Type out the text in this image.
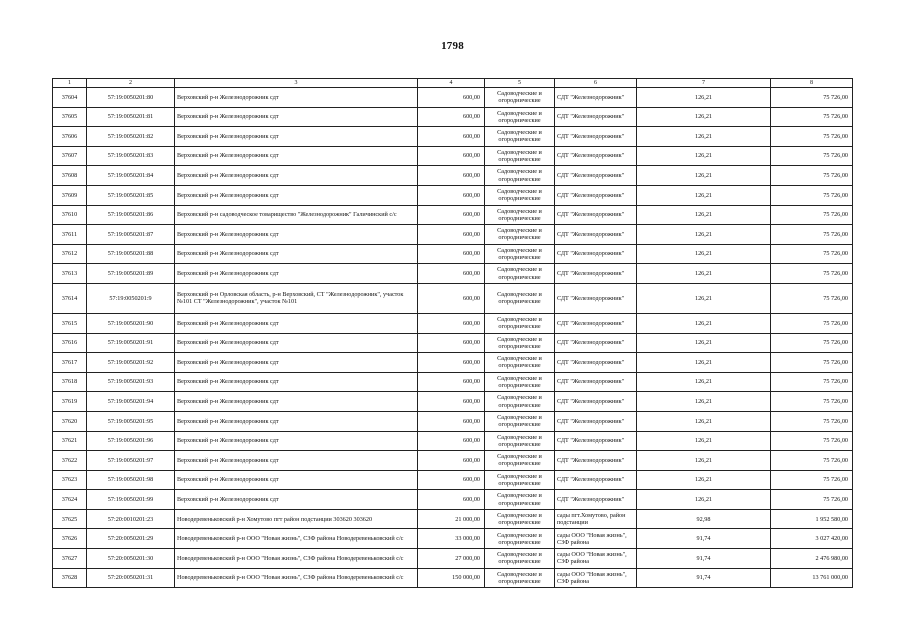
1798
1	2	3	4	5	6	7	8
37604	57:19:0050201:80	Верховский р-н Железнодорожник сдт	600,00	Садоводческие и огороднические	СДТ "Железнодорожник"	126,21	75 726,00
37605	57:19:0050201:81	Верховский р-н Железнодорожник сдт	600,00	Садоводческие и огороднические	СДТ "Железнодорожник"	126,21	75 726,00
37606	57:19:0050201:82	Верховский р-н Железнодорожник сдт	600,00	Садоводческие и огороднические	СДТ "Железнодорожник"	126,21	75 726,00
37607	57:19:0050201:83	Верховский р-н Железнодорожник сдт	600,00	Садоводческие и огороднические	СДТ "Железнодорожник"	126,21	75 726,00
37608	57:19:0050201:84	Верховский р-н Железнодорожник сдт	600,00	Садоводческие и огороднические	СДТ "Железнодорожник"	126,21	75 726,00
37609	57:19:0050201:85	Верховский р-н Железнодорожник сдт	600,00	Садоводческие и огороднические	СДТ "Железнодорожник"	126,21	75 726,00
37610	57:19:0050201:86	Верховский р-н садоводческое товарищество "Железнодорожник" Галичинский с/с	600,00	Садоводческие и огороднические	СДТ "Железнодорожник"	126,21	75 726,00
37611	57:19:0050201:87	Верховский р-н Железнодорожник сдт	600,00	Садоводческие и огороднические	СДТ "Железнодорожник"	126,21	75 726,00
37612	57:19:0050201:88	Верховский р-н Железнодорожник сдт	600,00	Садоводческие и огороднические	СДТ "Железнодорожник"	126,21	75 726,00
37613	57:19:0050201:89	Верховский р-н Железнодорожник сдт	600,00	Садоводческие и огороднические	СДТ "Железнодорожник"	126,21	75 726,00
37614	57:19:0050201:9	Верховский р-н Орловская область, р-н Верховский, СТ "Железнодорожник", участок №101 СТ "Железнодорожник", участок №101	600,00	Садоводческие и огороднические	СДТ "Железнодорожник"	126,21	75 726,00
37615	57:19:0050201:90	Верховский р-н Железнодорожник сдт	600,00	Садоводческие и огороднические	СДТ "Железнодорожник"	126,21	75 726,00
37616	57:19:0050201:91	Верховский р-н Железнодорожник сдт	600,00	Садоводческие и огороднические	СДТ "Железнодорожник"	126,21	75 726,00
37617	57:19:0050201:92	Верховский р-н Железнодорожник сдт	600,00	Садоводческие и огороднические	СДТ "Железнодорожник"	126,21	75 726,00
37618	57:19:0050201:93	Верховский р-н Железнодорожник сдт	600,00	Садоводческие и огороднические	СДТ "Железнодорожник"	126,21	75 726,00
37619	57:19:0050201:94	Верховский р-н Железнодорожник сдт	600,00	Садоводческие и огороднические	СДТ "Железнодорожник"	126,21	75 726,00
37620	57:19:0050201:95	Верховский р-н Железнодорожник сдт	600,00	Садоводческие и огороднические	СДТ "Железнодорожник"	126,21	75 726,00
37621	57:19:0050201:96	Верховский р-н Железнодорожник сдт	600,00	Садоводческие и огороднические	СДТ "Железнодорожник"	126,21	75 726,00
37622	57:19:0050201:97	Верховский р-н Железнодорожник сдт	600,00	Садоводческие и огороднические	СДТ "Железнодорожник"	126,21	75 726,00
37623	57:19:0050201:98	Верховский р-н Железнодорожник сдт	600,00	Садоводческие и огороднические	СДТ "Железнодорожник"	126,21	75 726,00
37624	57:19:0050201:99	Верховский р-н Железнодорожник сдт	600,00	Садоводческие и огороднические	СДТ "Железнодорожник"	126,21	75 726,00
37625	57:20:0010201:23	Новодеревеньковский р-н Хомутово пгт район подстанции 303620 303620	21 000,00	Садоводческие и огороднические	сады пгт.Хомутово, район подстанции	92,98	1 952 580,00
37626	57:20:0050201:29	Новодеревеньковский р-н ООО "Новая жизнь", СЗФ района Новодеревеньковский с/с	33 000,00	Садоводческие и огороднические	сады ООО "Новая жизнь", СЗФ района	91,74	3 027 420,00
37627	57:20:0050201:30	Новодеревеньковский р-н ООО "Новая жизнь", СЗФ района Новодеревеньковский с/с	27 000,00	Садоводческие и огороднические	сады ООО "Новая жизнь", СЗФ района	91,74	2 476 980,00
37628	57:20:0050201:31	Новодеревеньковский р-н ООО "Новая жизнь", СЗФ района Новодеревеньковский с/с	150 000,00	Садоводческие и огороднические	сады ООО "Новая жизнь", СЗФ района	91,74	13 761 000,00
